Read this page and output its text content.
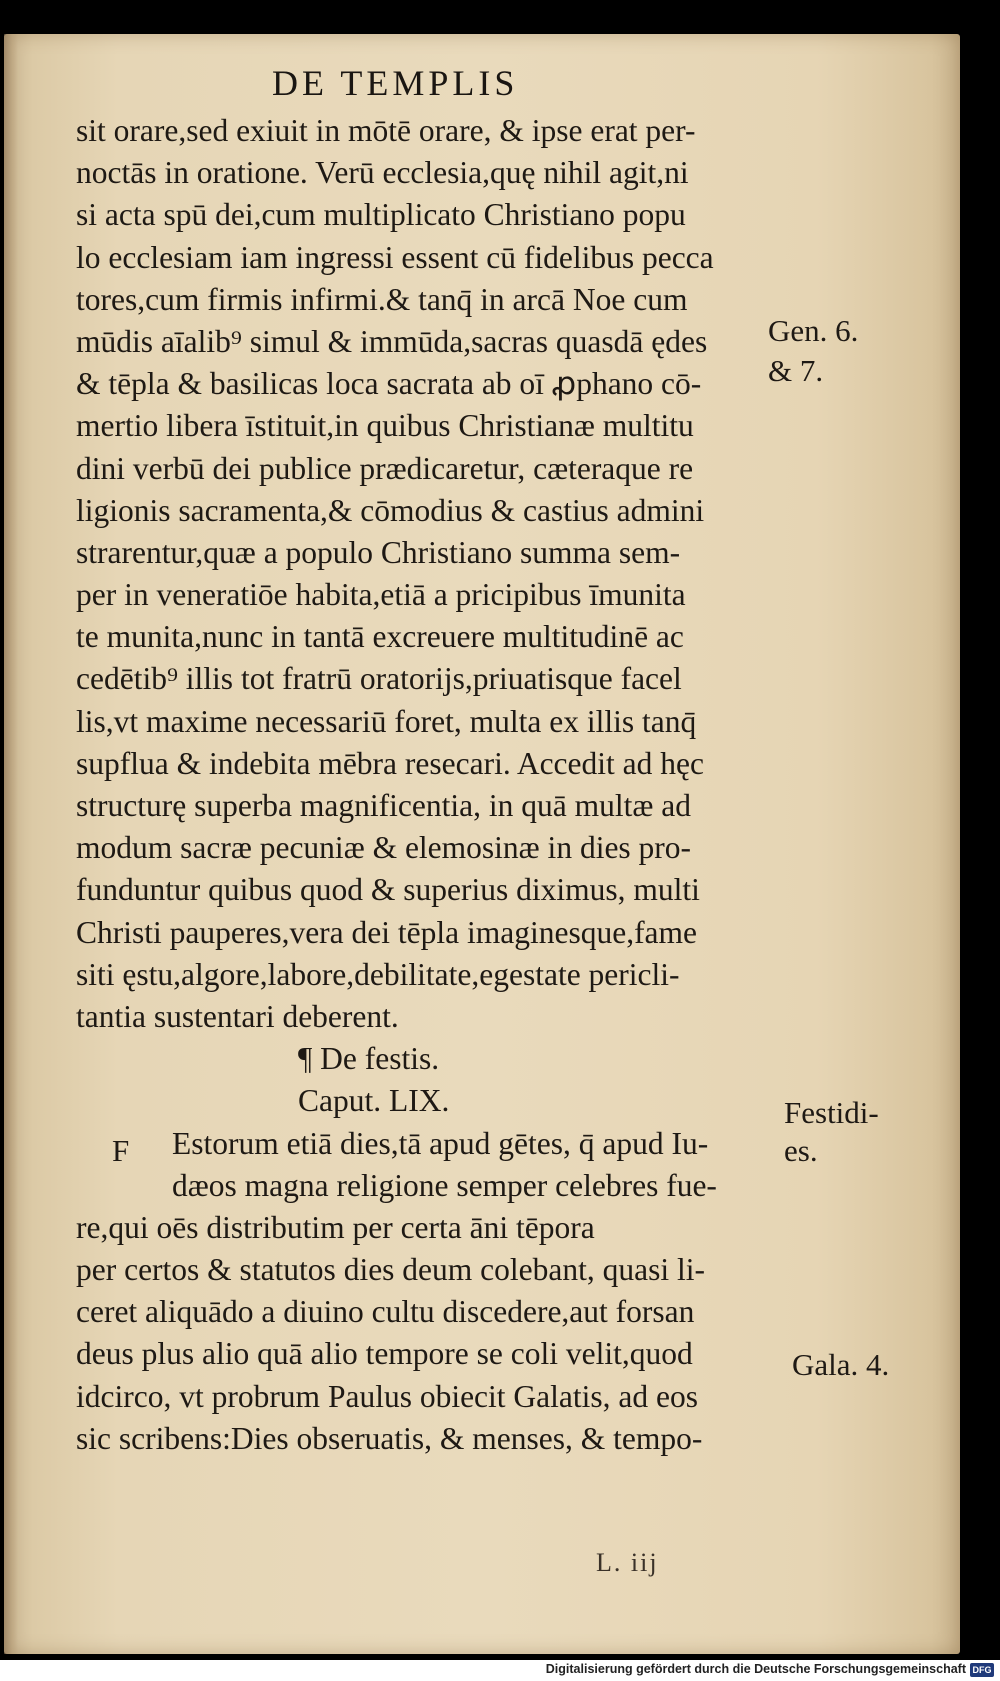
DE TEMPLIS
sit orare,sed exiuit in mōtē orare, & ipse erat per-
noctās in oratione. Verū ecclesia,quę nihil agit,ni
si acta spū dei,cum multiplicato Christiano popu
lo ecclesiam iam ingressi essent cū fidelibus pecca
tores,cum firmis infirmi.& tanq̄ in arcā Noe cum
mūdis aīalib⁹ simul & immūda,sacras quasdā ędes
& tēpla & basilicas loca sacrata ab oī ꝓphano cō-
mertio libera īstituit,in quibus Christianæ multitu
dini verbū dei publice prædicaretur, cæteraque re
ligionis sacramenta,& cōmodius & castius admini
strarentur,quæ a populo Christiano summa sem-
per in veneratiōe habita,etiā a pricipibus īmunita
te munita,nunc in tantā excreuere multitudinē ac
cedētib⁹ illis tot fratrū oratorijs,priuatisque facel
lis,vt maxime necessariū foret, multa ex illis tanq̄
supflua & indebita mēbra resecari. Accedit ad hęc
structurę superba magnificentia, in quā multæ ad
modum sacræ pecuniæ & elemosinæ in dies pro-
funduntur quibus quod & superius diximus, multi
Christi pauperes,vera dei tēpla imaginesque,fame
siti ęstu,algore,labore,debilitate,egestate pericli-
tantia sustentari deberent.
¶ De festis.
Caput. LIX.
Estorum etiā dies,tā apud gētes, q̄ apud Iu-
dæos magna religione semper celebres fue-
re,qui oēs distributim per certa āni tēpora
per certos & statutos dies deum colebant, quasi li-
ceret aliquādo a diuino cultu discedere,aut forsan
deus plus alio quā alio tempore se coli velit,quod
idcirco, vt probrum Paulus obiecit Galatis, ad eos
sic scribens:Dies obseruatis, & menses, & tempo-
Gen. 6.
& 7.
Festidi-
es.
Gala. 4.
F
L. iij
Digitalisierung gefördert durch die Deutsche Forschungsgemeinschaft DFG
